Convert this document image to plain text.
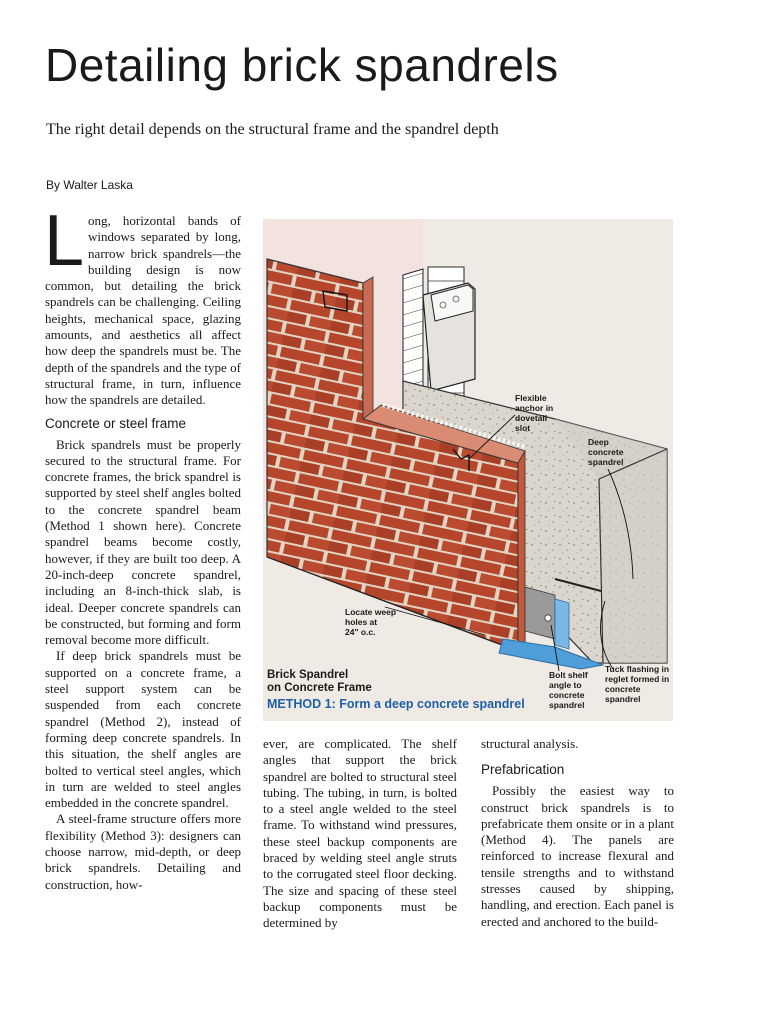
Detailing brick spandrels

The right detail depends on the structural frame and the spandrel depth

By Walter Laska

Long, horizontal bands of windows separated by long, narrow brick spandrels—the building design is now common, but detailing the brick spandrels can be challenging. Ceiling heights, mechanical space, glazing amounts, and aesthetics all affect how deep the spandrels must be. The depth of the spandrels and the type of structural frame, in turn, influence how the spandrels are detailed.

Concrete or steel frame

Brick spandrels must be properly secured to the structural frame. For concrete frames, the brick spandrel is supported by steel shelf angles bolted to the concrete spandrel beam (Method 1 shown here). Concrete spandrel beams become costly, however, if they are built too deep. A 20-inch-deep concrete spandrel, including an 8-inch-thick slab, is ideal. Deeper concrete spandrels can be constructed, but forming and form removal become more difficult.

If deep brick spandrels must be supported on a concrete frame, a steel support system can be suspended from each concrete spandrel (Method 2), instead of forming deep concrete spandrels. In this situation, the shelf angles are bolted to vertical steel angles, which in turn are welded to steel angles embedded in the concrete spandrel.

A steel-frame structure offers more flexibility (Method 3): designers can choose narrow, mid-depth, or deep brick spandrels. Detailing and construction, how-

ever, are complicated. The shelf angles that support the brick spandrel are bolted to structural steel tubing. The tubing, in turn, is bolted to a steel angle welded to the steel frame. To withstand wind pressures, these steel backup components are braced by welding steel angle struts to the corrugated steel floor decking. The size and spacing of these steel backup components must be determined by

structural analysis.

Prefabrication

Possibly the easiest way to construct brick spandrels is to prefabricate them onsite or in a plant (Method 4). The panels are reinforced to increase flexural and tensile strengths and to withstand stresses caused by shipping, handling, and erection. Each panel is erected and anchored to the build-

Flexible
anchor in
dovetail
slot
Deep
concrete
spandrel
Locate weep
holes at
24" o.c.
Bolt shelf
angle to
concrete
spandrel
Tuck flashing in
reglet formed in
concrete spandrel
Brick Spandrel
on Concrete Frame
METHOD 1: Form a deep concrete spandrel
